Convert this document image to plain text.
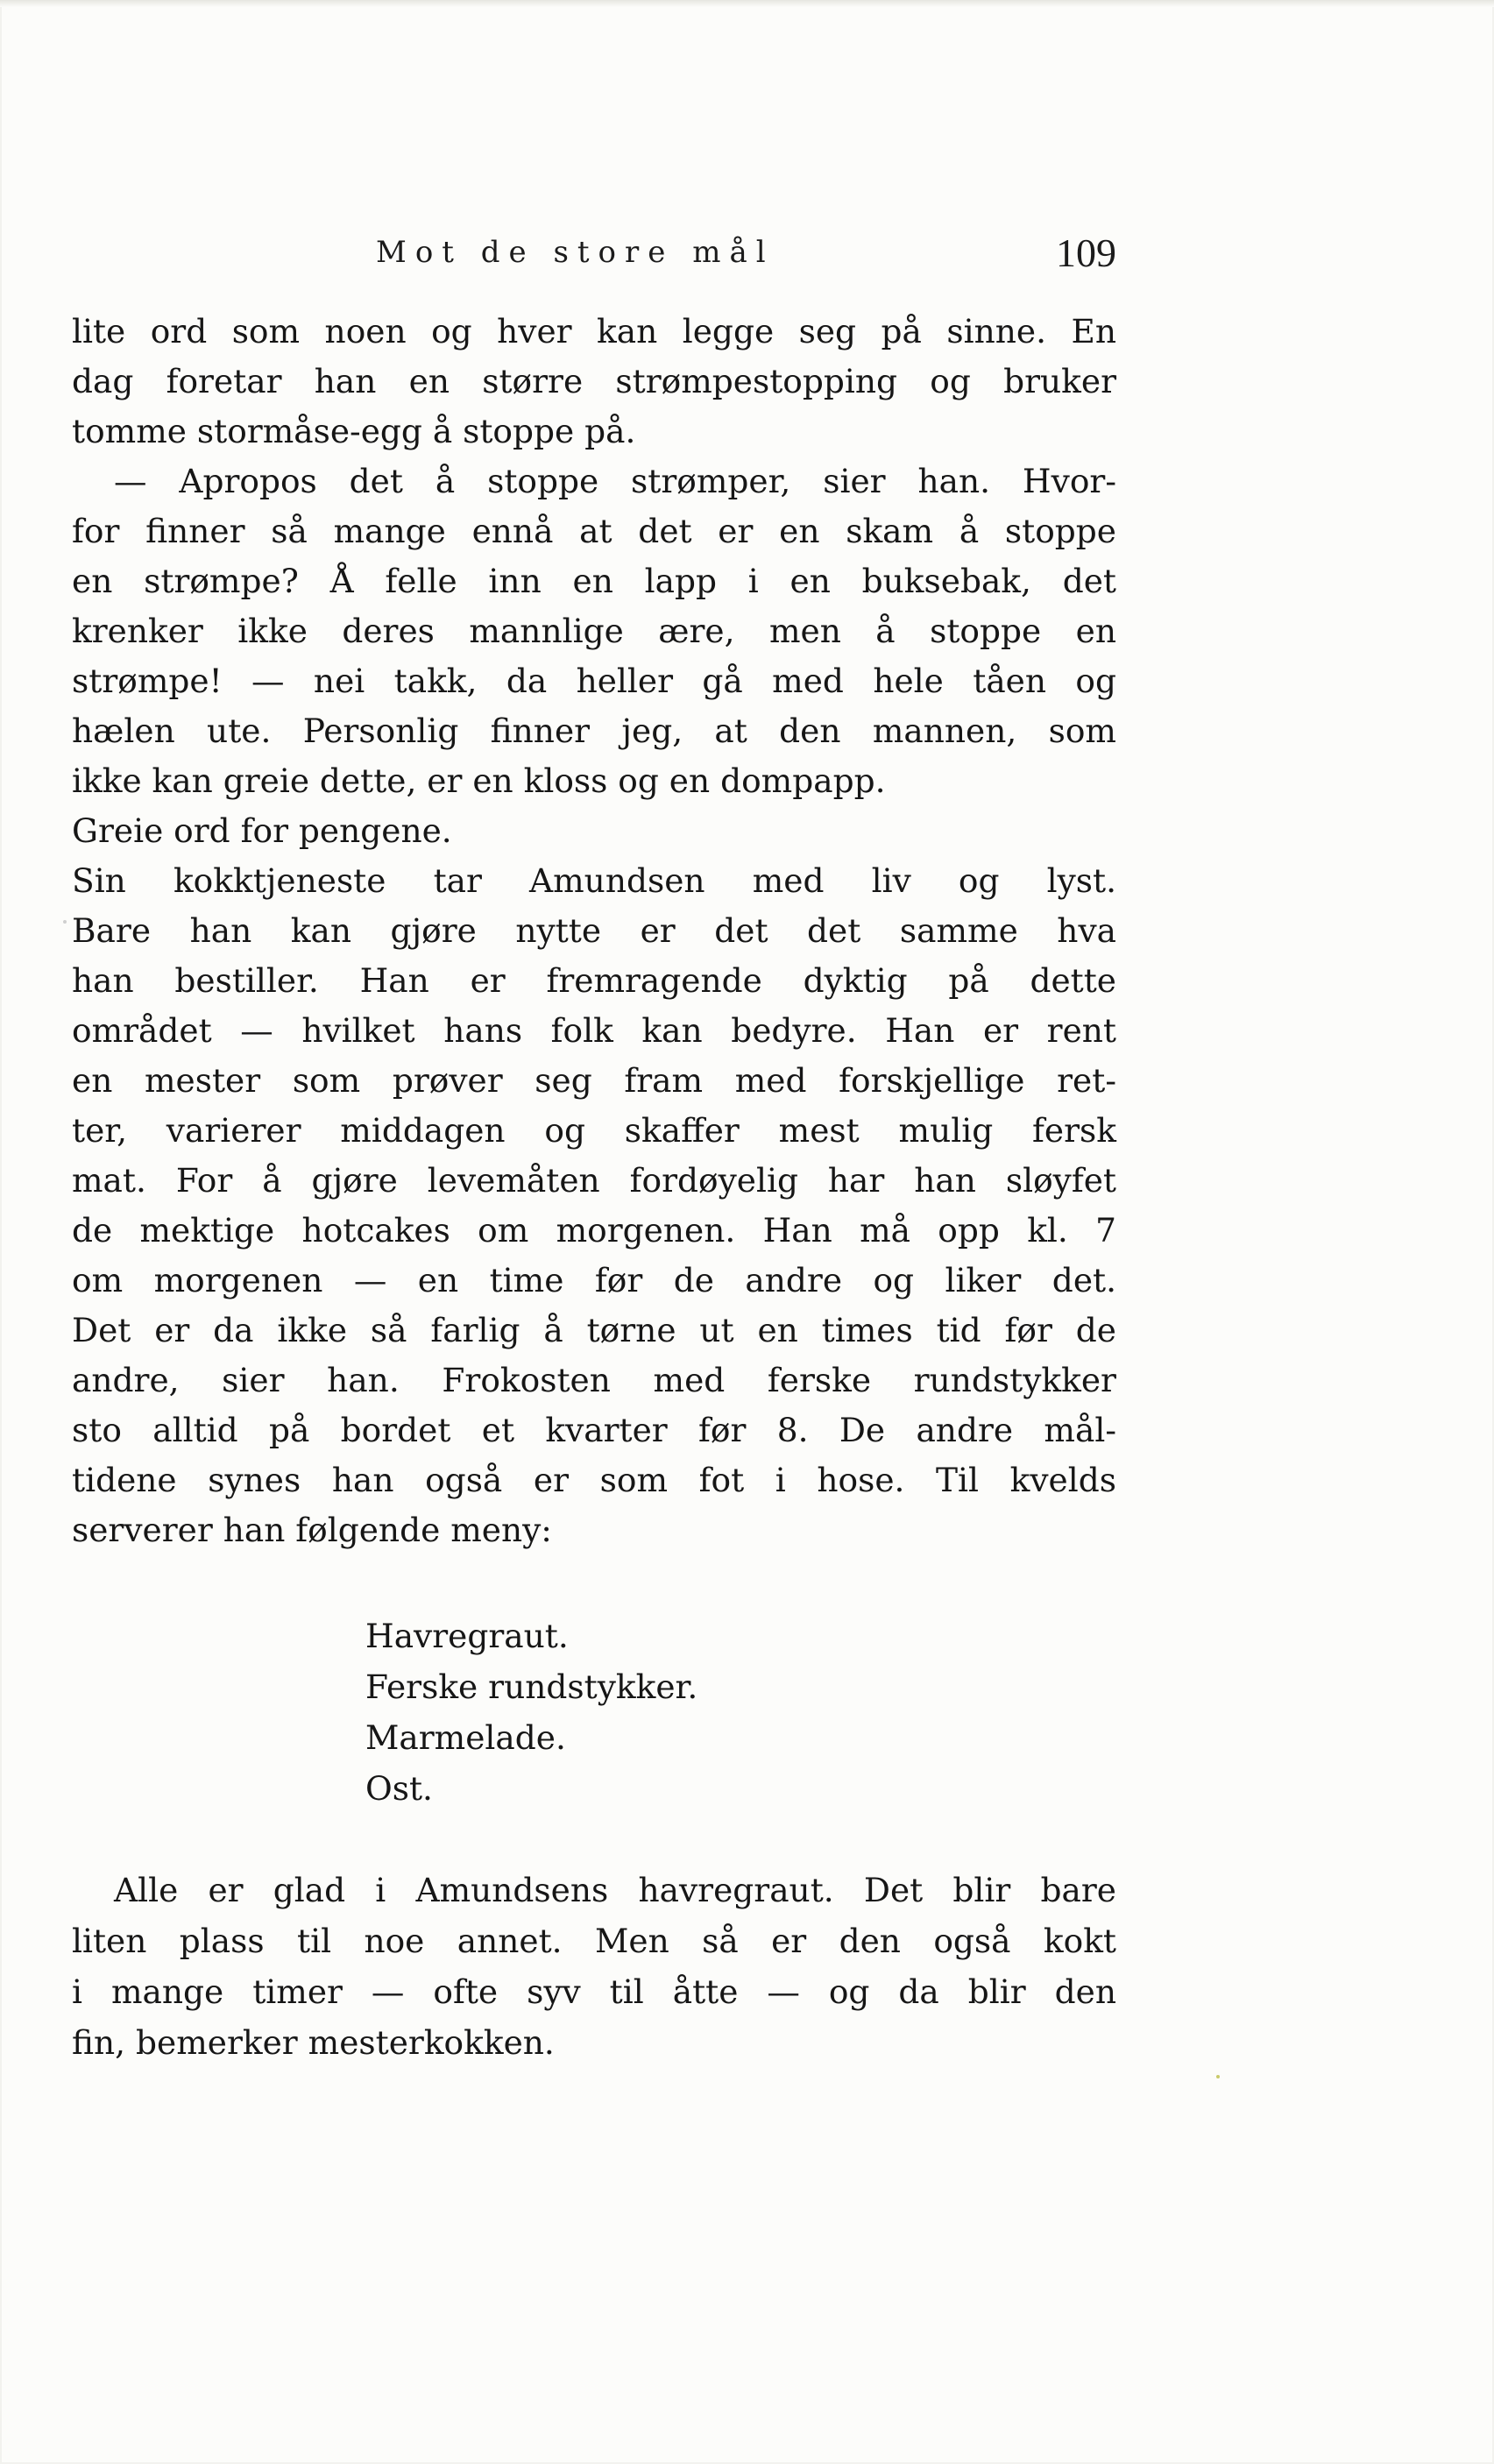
Mot de store mål	109
lite ord som noen og hver kan legge seg på sinne. En
dag foretar han en større strømpestopping og bruker
tomme stormåse-egg å stoppe på.
— Apropos det å stoppe strømper, sier han. Hvor-
for finner så mange ennå at det er en skam å stoppe
en strømpe? Å felle inn en lapp i en buksebak, det
krenker ikke deres mannlige ære, men å stoppe en
strømpe! — nei takk, da heller gå med hele tåen og
hælen ute. Personlig finner jeg, at den mannen, som
ikke kan greie dette, er en kloss og en dompapp.
Greie ord for pengene.
Sin kokktjeneste tar Amundsen med liv og lyst.
Bare han kan gjøre nytte er det det samme hva
han bestiller. Han er fremragende dyktig på dette
området — hvilket hans folk kan bedyre. Han er rent
en mester som prøver seg fram med forskjellige ret-
ter, varierer middagen og skaffer mest mulig fersk
mat. For å gjøre levemåten fordøyelig har han sløyfet
de mektige hotcakes om morgenen. Han må opp kl. 7
om morgenen — en time før de andre og liker det.
Det er da ikke så farlig å tørne ut en times tid før de
andre, sier han. Frokosten med ferske rundstykker
sto alltid på bordet et kvarter før 8. De andre mål-
tidene synes han også er som fot i hose. Til kvelds
serverer han følgende meny:
Havregraut.
Ferske rundstykker.
Marmelade.
Ost.
Alle er glad i Amundsens havregraut. Det blir bare
liten plass til noe annet. Men så er den også kokt
i mange timer — ofte syv til åtte — og da blir den
fin, bemerker mesterkokken.
